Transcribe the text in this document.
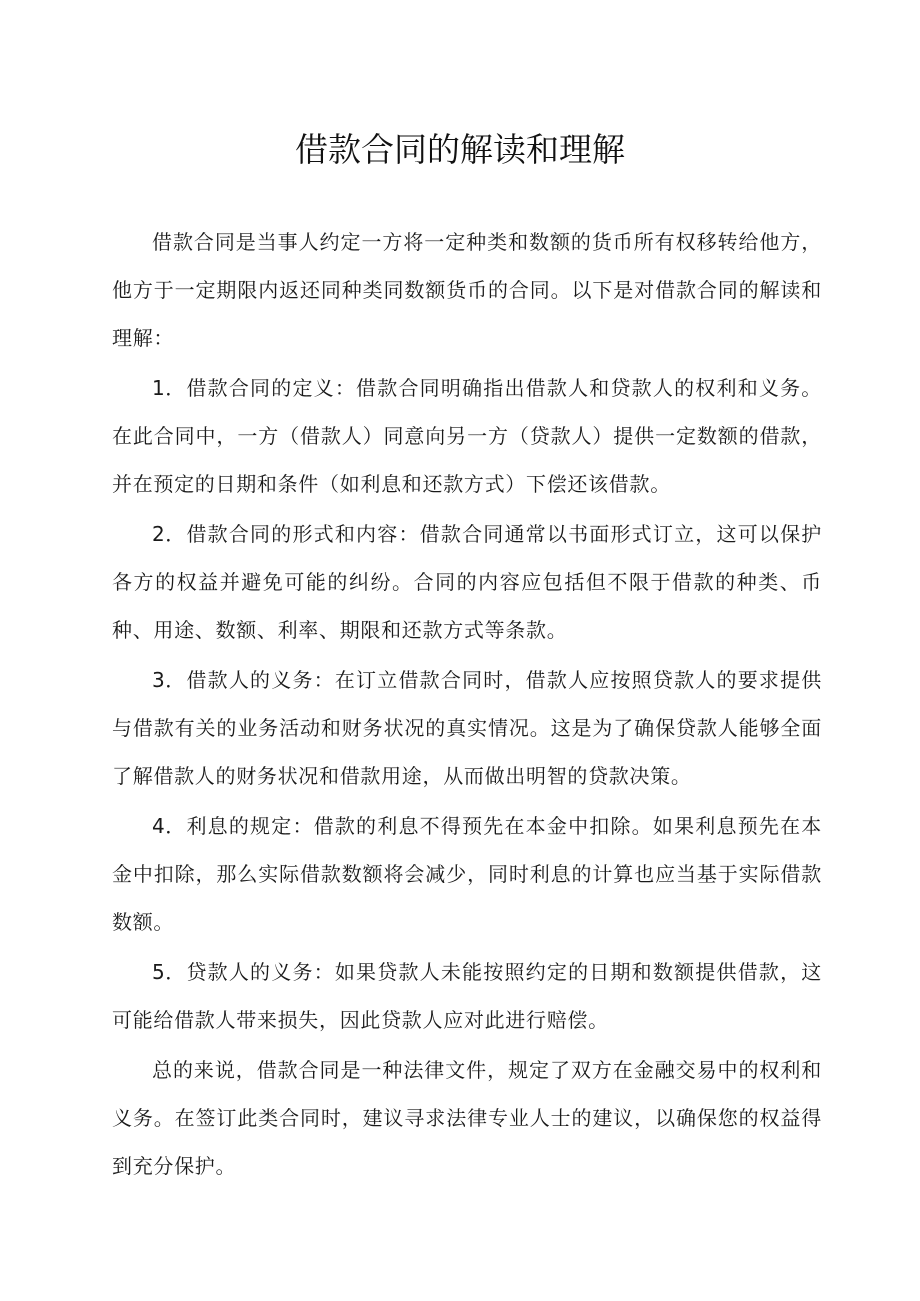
借款合同的解读和理解

借款合同是当事人约定一方将一定种类和数额的货币所有权移转给他方，他方于一定期限内返还同种类同数额货币的合同。以下是对借款合同的解读和理解：

1．借款合同的定义：借款合同明确指出借款人和贷款人的权利和义务。在此合同中，一方（借款人）同意向另一方（贷款人）提供一定数额的借款，并在预定的日期和条件（如利息和还款方式）下偿还该借款。

2．借款合同的形式和内容：借款合同通常以书面形式订立，这可以保护各方的权益并避免可能的纠纷。合同的内容应包括但不限于借款的种类、币种、用途、数额、利率、期限和还款方式等条款。

3．借款人的义务：在订立借款合同时，借款人应按照贷款人的要求提供与借款有关的业务活动和财务状况的真实情况。这是为了确保贷款人能够全面了解借款人的财务状况和借款用途，从而做出明智的贷款决策。

4．利息的规定：借款的利息不得预先在本金中扣除。如果利息预先在本金中扣除，那么实际借款数额将会减少，同时利息的计算也应当基于实际借款数额。

5．贷款人的义务：如果贷款人未能按照约定的日期和数额提供借款，这可能给借款人带来损失，因此贷款人应对此进行赔偿。

总的来说，借款合同是一种法律文件，规定了双方在金融交易中的权利和义务。在签订此类合同时，建议寻求法律专业人士的建议，以确保您的权益得到充分保护。
